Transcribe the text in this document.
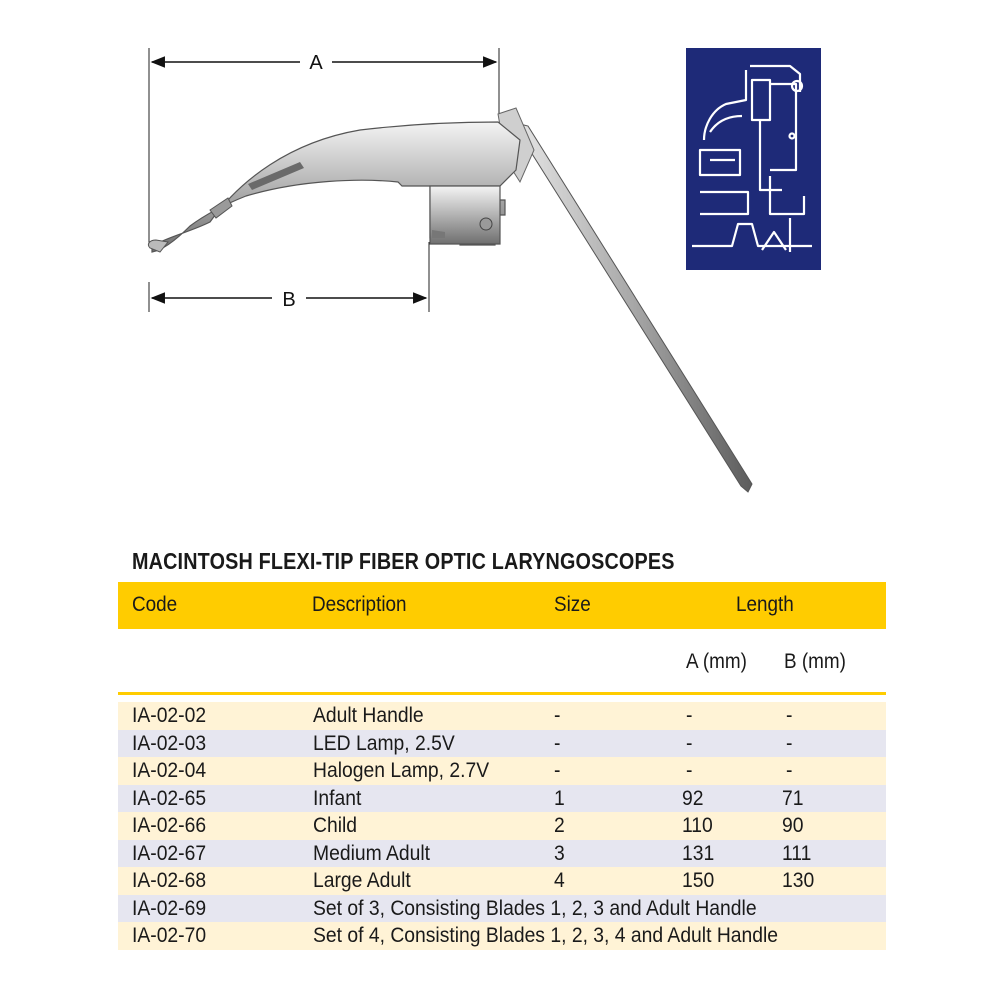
A
B
MACINTOSH FLEXI-TIP FIBER OPTIC LARYNGOSCOPES
Code	Description	Size	Length
A (mm) B (mm)
IA-02-02	Adult Handle	-	-	-
IA-02-03	LED Lamp, 2.5V	-	-	-
IA-02-04	Halogen Lamp, 2.7V	-	-	-
IA-02-65	Infant	1	92	71
IA-02-66	Child	2	110	90
IA-02-67	Medium Adult	3	131	111
IA-02-68	Large Adult	4	150	130
IA-02-69	Set of 3, Consisting Blades 1, 2, 3 and Adult Handle
IA-02-70	Set of 4, Consisting Blades 1, 2, 3, 4 and Adult Handle
